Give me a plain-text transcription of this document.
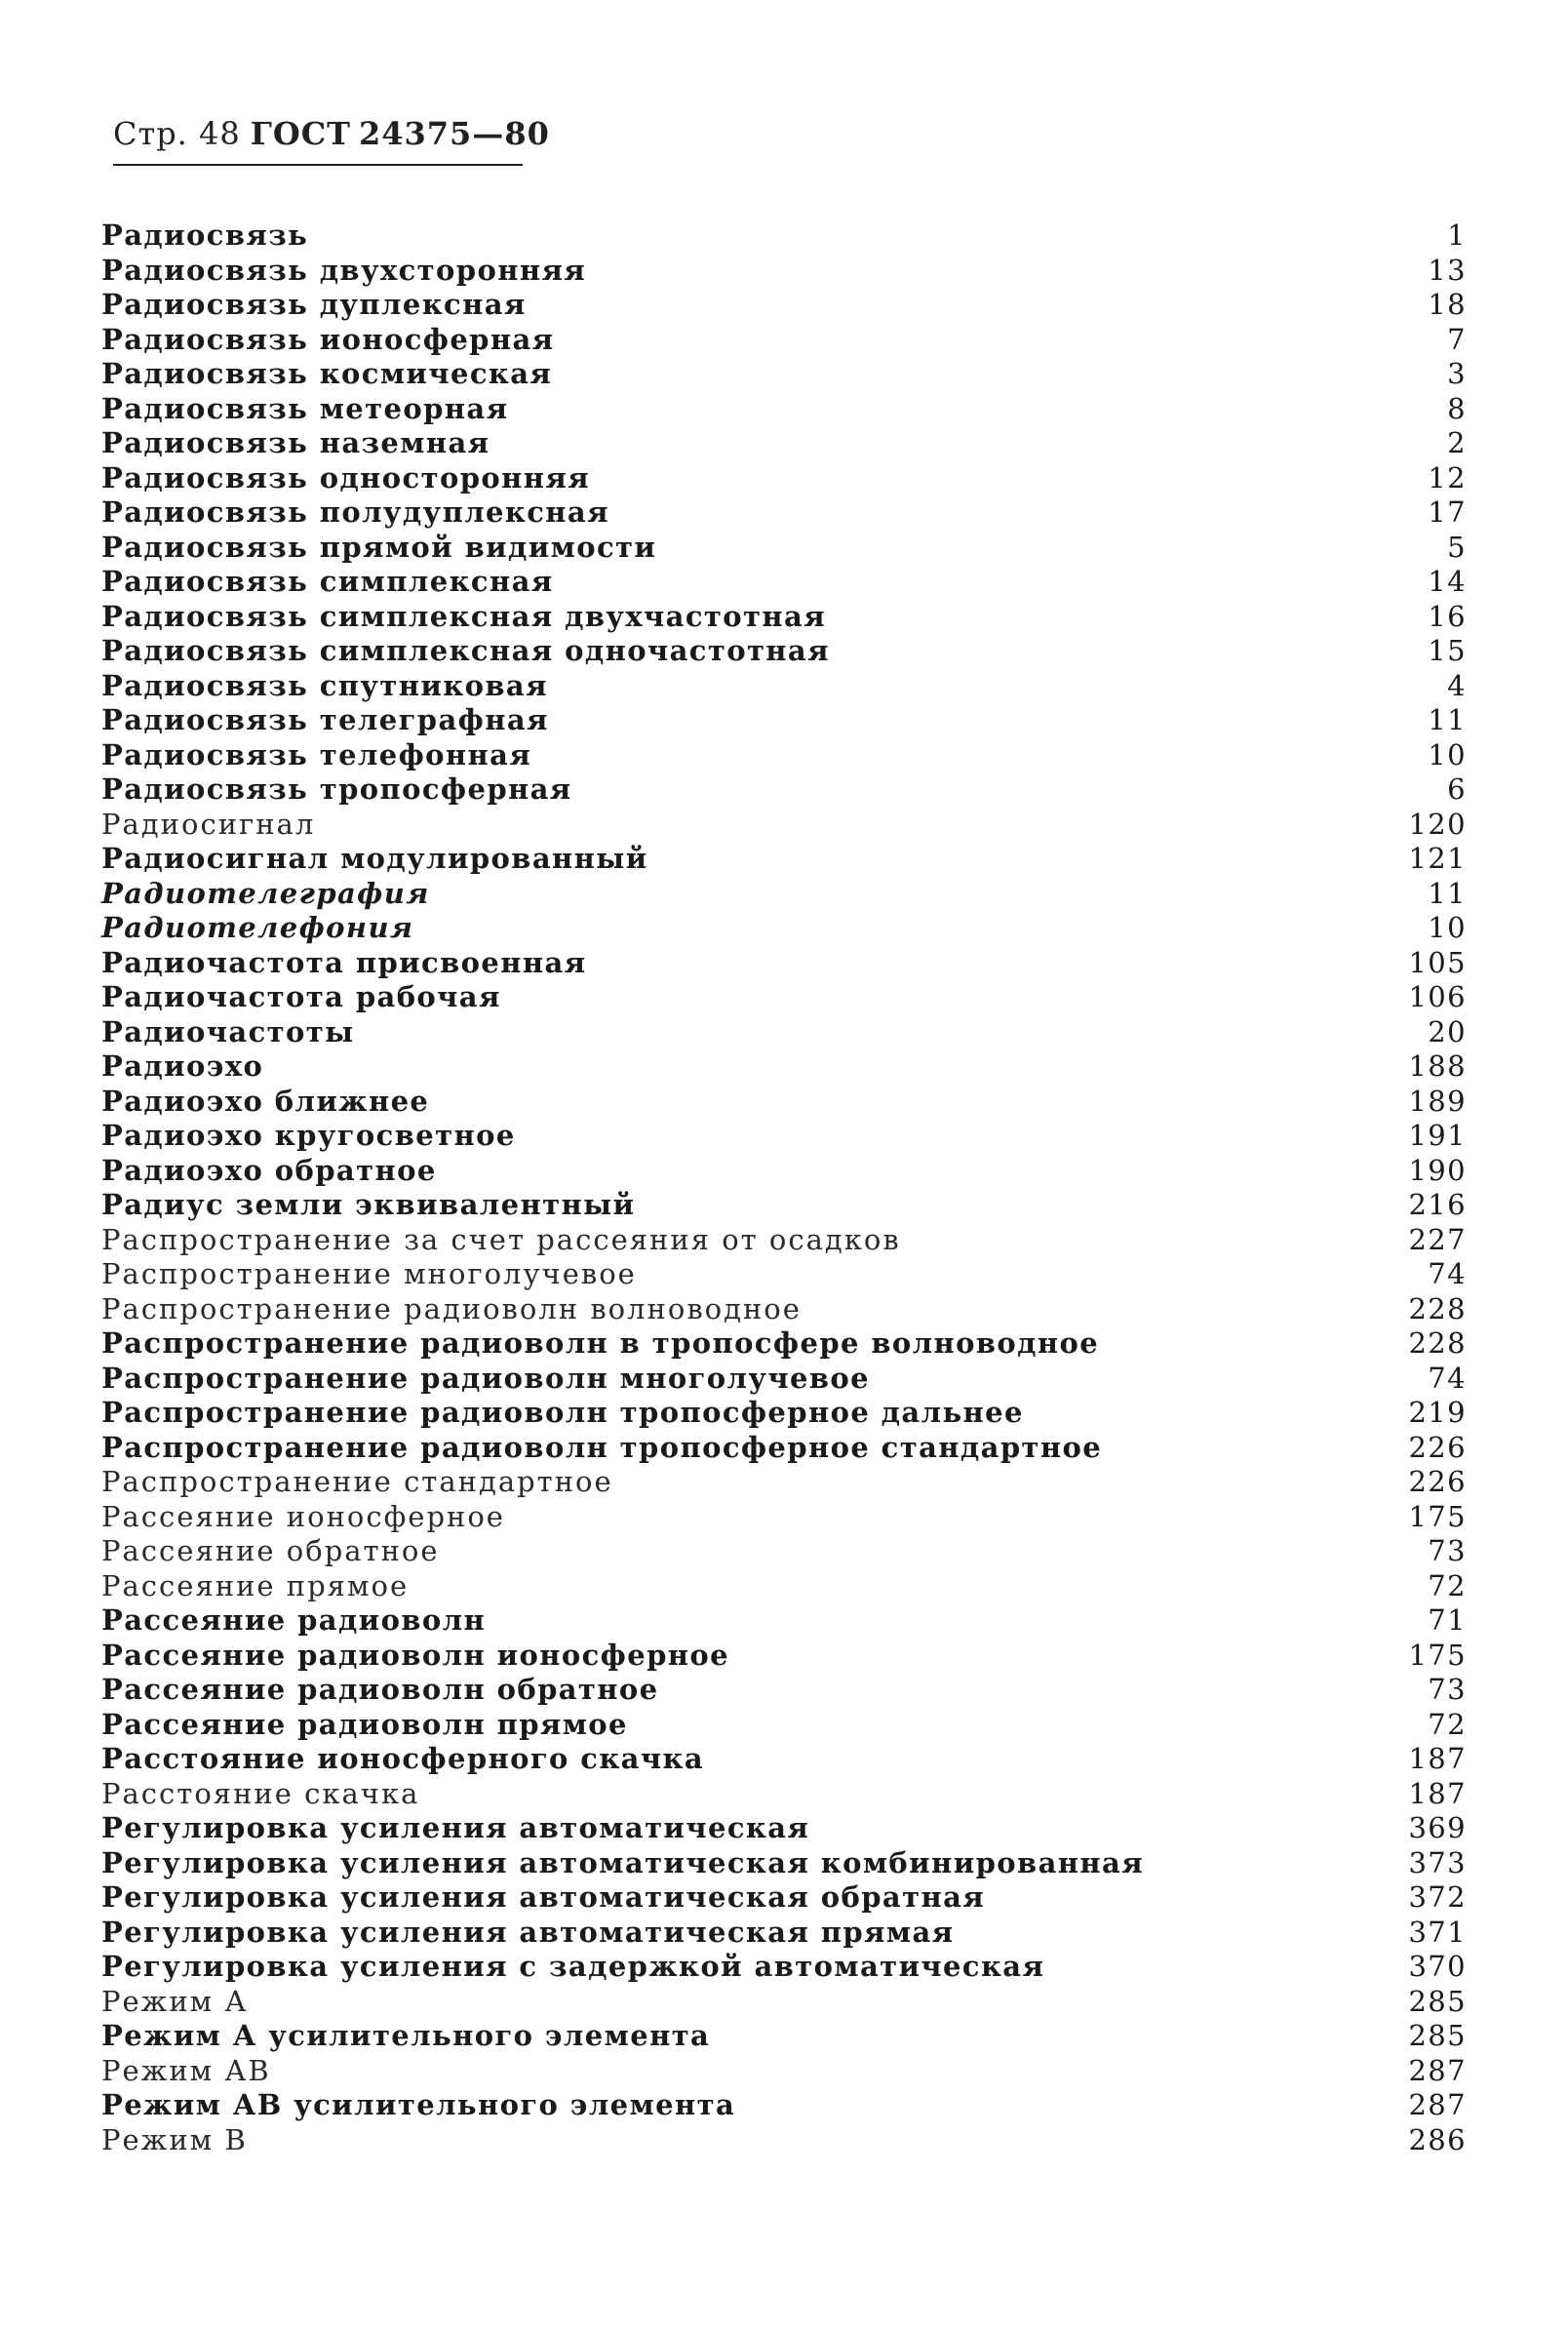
Стр. 48 ГОСТ 24375—80
Радиосвязь	1
Радиосвязь двухсторонняя	13
Радиосвязь дуплексная	18
Радиосвязь ионосферная	7
Радиосвязь космическая	3
Радиосвязь метеорная	8
Радиосвязь наземная	2
Радиосвязь односторонняя	12
Радиосвязь полудуплексная	17
Радиосвязь прямой видимости	5
Радиосвязь симплексная	14
Радиосвязь симплексная двухчастотная	16
Радиосвязь симплексная одночастотная	15
Радиосвязь спутниковая	4
Радиосвязь телеграфная	11
Радиосвязь телефонная	10
Радиосвязь тропосферная	6
Радиосигнал	120
Радиосигнал модулированный	121
Радиотелеграфия	11
Радиотелефония	10
Радиочастота присвоенная	105
Радиочастота рабочая	106
Радиочастоты	20
Радиоэхо	188
Радиоэхо ближнее	189
Радиоэхо кругосветное	191
Радиоэхо обратное	190
Радиус земли эквивалентный	216
Распространение за счет рассеяния от осадков	227
Распространение многолучевое	74
Распространение радиоволн волноводное	228
Распространение радиоволн в тропосфере волноводное	228
Распространение радиоволн многолучевое	74
Распространение радиоволн тропосферное дальнее	219
Распространение радиоволн тропосферное стандартное	226
Распространение стандартное	226
Рассеяние ионосферное	175
Рассеяние обратное	73
Рассеяние прямое	72
Рассеяние радиоволн	71
Рассеяние радиоволн ионосферное	175
Рассеяние радиоволн обратное	73
Рассеяние радиоволн прямое	72
Расстояние ионосферного скачка	187
Расстояние скачка	187
Регулировка усиления автоматическая	369
Регулировка усиления автоматическая комбинированная	373
Регулировка усиления автоматическая обратная	372
Регулировка усиления автоматическая прямая	371
Регулировка усиления с задержкой автоматическая	370
Режим А	285
Режим А усилительного элемента	285
Режим АВ	287
Режим АВ усилительного элемента	287
Режим В	286
